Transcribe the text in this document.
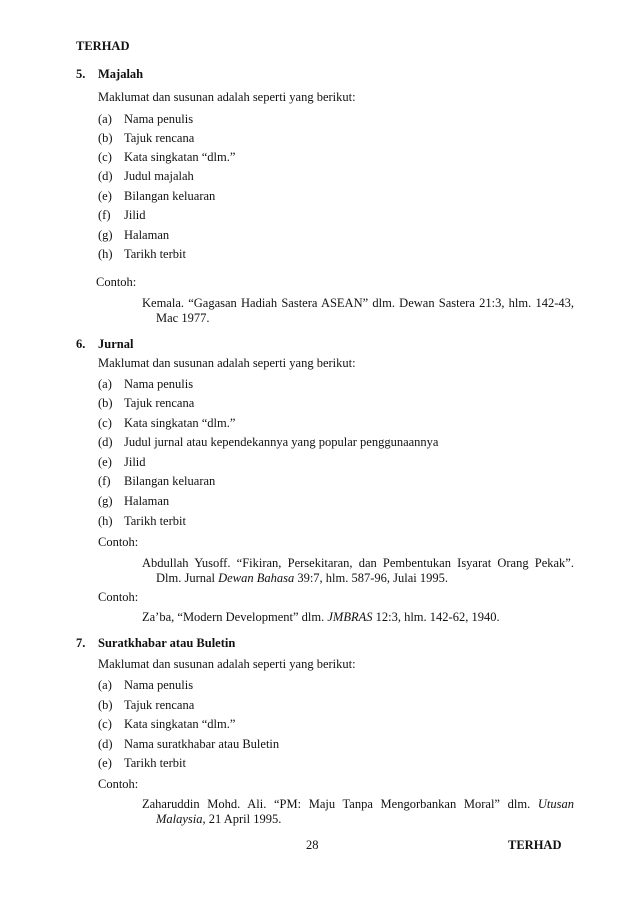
TERHAD
5. Majalah
Maklumat dan susunan adalah seperti yang berikut:
(a) Nama penulis
(b) Tajuk rencana
(c) Kata singkatan “dlm.”
(d) Judul majalah
(e) Bilangan keluaran
(f) Jilid
(g) Halaman
(h) Tarikh terbit
Contoh:
Kemala. “Gagasan Hadiah Sastera ASEAN” dlm. Dewan Sastera 21:3, hlm. 142-43, Mac 1977.
6. Jurnal
Maklumat dan susunan adalah seperti yang berikut:
(a) Nama penulis
(b) Tajuk rencana
(c) Kata singkatan “dlm.”
(d) Judul jurnal atau kependekannya yang popular penggunaannya
(e) Jilid
(f) Bilangan keluaran
(g) Halaman
(h) Tarikh terbit
Contoh:
Abdullah Yusoff. “Fikiran, Persekitaran, dan Pembentukan Isyarat Orang Pekak”. Dlm. Jurnal Dewan Bahasa 39:7, hlm. 587-96, Julai 1995.
Contoh:
Za’ba, “Modern Development” dlm. JMBRAS 12:3, hlm. 142-62, 1940.
7. Suratkhabar atau Buletin
Maklumat dan susunan adalah seperti yang berikut:
(a) Nama penulis
(b) Tajuk rencana
(c) Kata singkatan “dlm.”
(d) Nama suratkhabar atau Buletin
(e) Tarikh terbit
Contoh:
Zaharuddin Mohd. Ali. “PM: Maju Tanpa Mengorbankan Moral” dlm. Utusan Malaysia, 21 April 1995.
28	TERHAD
